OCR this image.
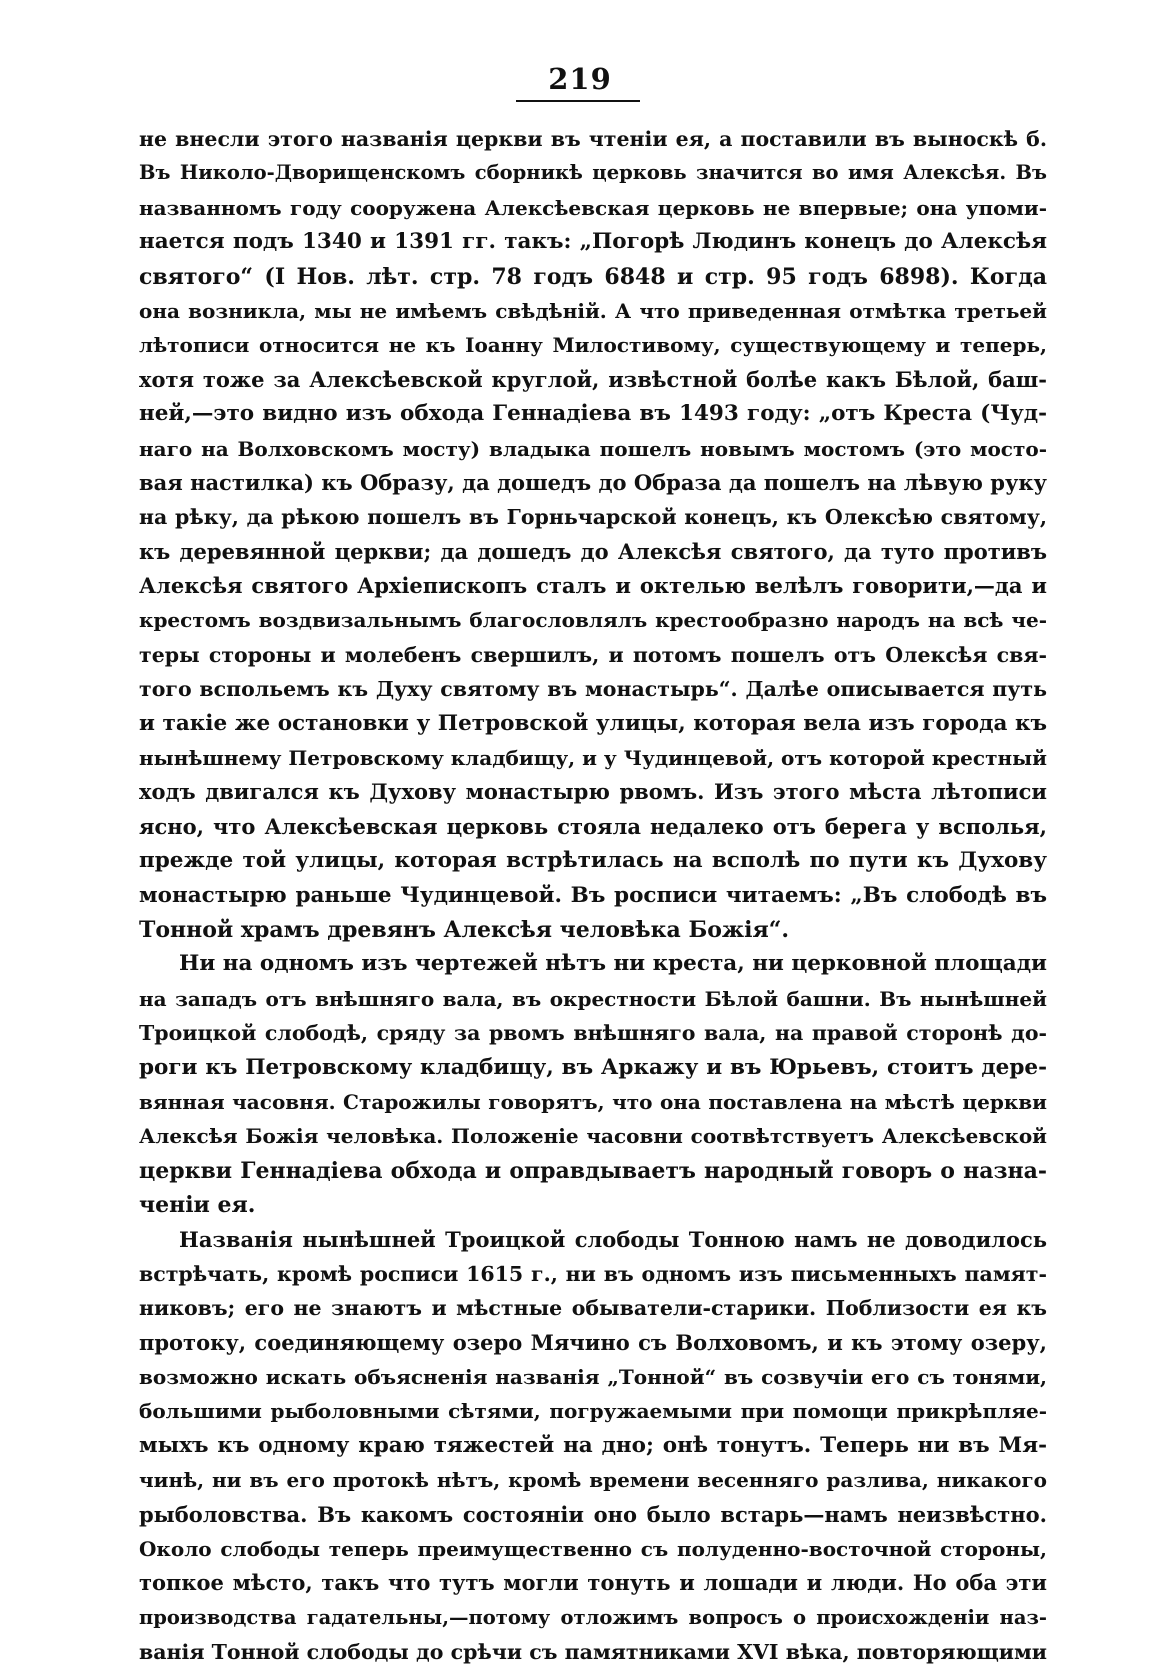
219
не внесли этого названія церкви въ чтеніи ея, а поставили въ выноскѣ б.
Въ Николо-Дворищенскомъ сборникѣ церковь значится во имя Алексѣя. Въ
названномъ году сооружена Алексѣевская церковь не впервые; она упоми-
нается подъ 1340 и 1391 гг. такъ: „Погорѣ Людинъ конецъ до Алексѣя
святого“ (I Нов. лѣт. стр. 78 годъ 6848 и стр. 95 годъ 6898). Когда
она возникла, мы не имѣемъ свѣдѣній. А что приведенная отмѣтка третьей
лѣтописи относится не къ Іоанну Милостивому, существующему и теперь,
хотя тоже за Алексѣевской круглой, извѣстной болѣе какъ Бѣлой, баш-
ней,—это видно изъ обхода Геннадіева въ 1493 году: „отъ Креста (Чуд-
наго на Волховскомъ мосту) владыка пошелъ новымъ мостомъ (это мосто-
вая настилка) къ Образу, да дошедъ до Образа да пошелъ на лѣвую руку
на рѣку, да рѣкою пошелъ въ Горньчарской конецъ, къ Олексѣю святому,
къ деревянной церкви; да дошедъ до Алексѣя святого, да туто противъ
Алексѣя святого Архіепископъ сталъ и октелью велѣлъ говорити,—да и
крестомъ воздвизальнымъ благословлялъ крестообразно народъ на всѣ че-
теры стороны и молебенъ свершилъ, и потомъ пошелъ отъ Олексѣя свя-
того вспольемъ къ Духу святому въ монастырь“. Далѣе описывается путь
и такіе же остановки у Петровской улицы, которая вела изъ города къ
нынѣшнему Петровскому кладбищу, и у Чудинцевой, отъ которой крестный
ходъ двигался къ Духову монастырю рвомъ. Изъ этого мѣста лѣтописи
ясно, что Алексѣевская церковь стояла недалеко отъ берега у всполья,
прежде той улицы, которая встрѣтилась на всполѣ по пути къ Духову
монастырю раньше Чудинцевой. Въ росписи читаемъ: „Въ слободѣ въ
Тонной храмъ древянъ Алексѣя человѣка Божія“.
Ни на одномъ изъ чертежей нѣтъ ни креста, ни церковной площади
на западъ отъ внѣшняго вала, въ окрестности Бѣлой башни. Въ нынѣшней
Троицкой слободѣ, сряду за рвомъ внѣшняго вала, на правой сторонѣ до-
роги къ Петровскому кладбищу, въ Аркажу и въ Юрьевъ, стоитъ дере-
вянная часовня. Старожилы говорятъ, что она поставлена на мѣстѣ церкви
Алексѣя Божія человѣка. Положеніе часовни соотвѣтствуетъ Алексѣевской
церкви Геннадіева обхода и оправдываетъ народный говоръ о назна-
ченіи ея.
Названія нынѣшней Троицкой слободы Тонною намъ не доводилось
встрѣчать, кромѣ росписи 1615 г., ни въ одномъ изъ письменныхъ памят-
никовъ; его не знаютъ и мѣстные обыватели-старики. Поблизости ея къ
протоку, соединяющему озеро Мячино съ Волховомъ, и къ этому озеру,
возможно искать объясненія названія „Тонной“ въ созвучіи его съ тонями,
большими рыболовными сѣтями, погружаемыми при помощи прикрѣпляе-
мыхъ къ одному краю тяжестей на дно; онѣ тонутъ. Теперь ни въ Мя-
чинѣ, ни въ его протокѣ нѣтъ, кромѣ времени весенняго разлива, никакого
рыболовства. Въ какомъ состояніи оно было встарь—намъ неизвѣстно.
Около слободы теперь преимущественно съ полуденно-восточной стороны,
топкое мѣсто, такъ что тутъ могли тонуть и лошади и люди. Но оба эти
производства гадательны,—потому отложимъ вопросъ о происхожденіи наз-
ванія Тонной слободы до срѣчи съ памятниками XVI вѣка, повторяющими
